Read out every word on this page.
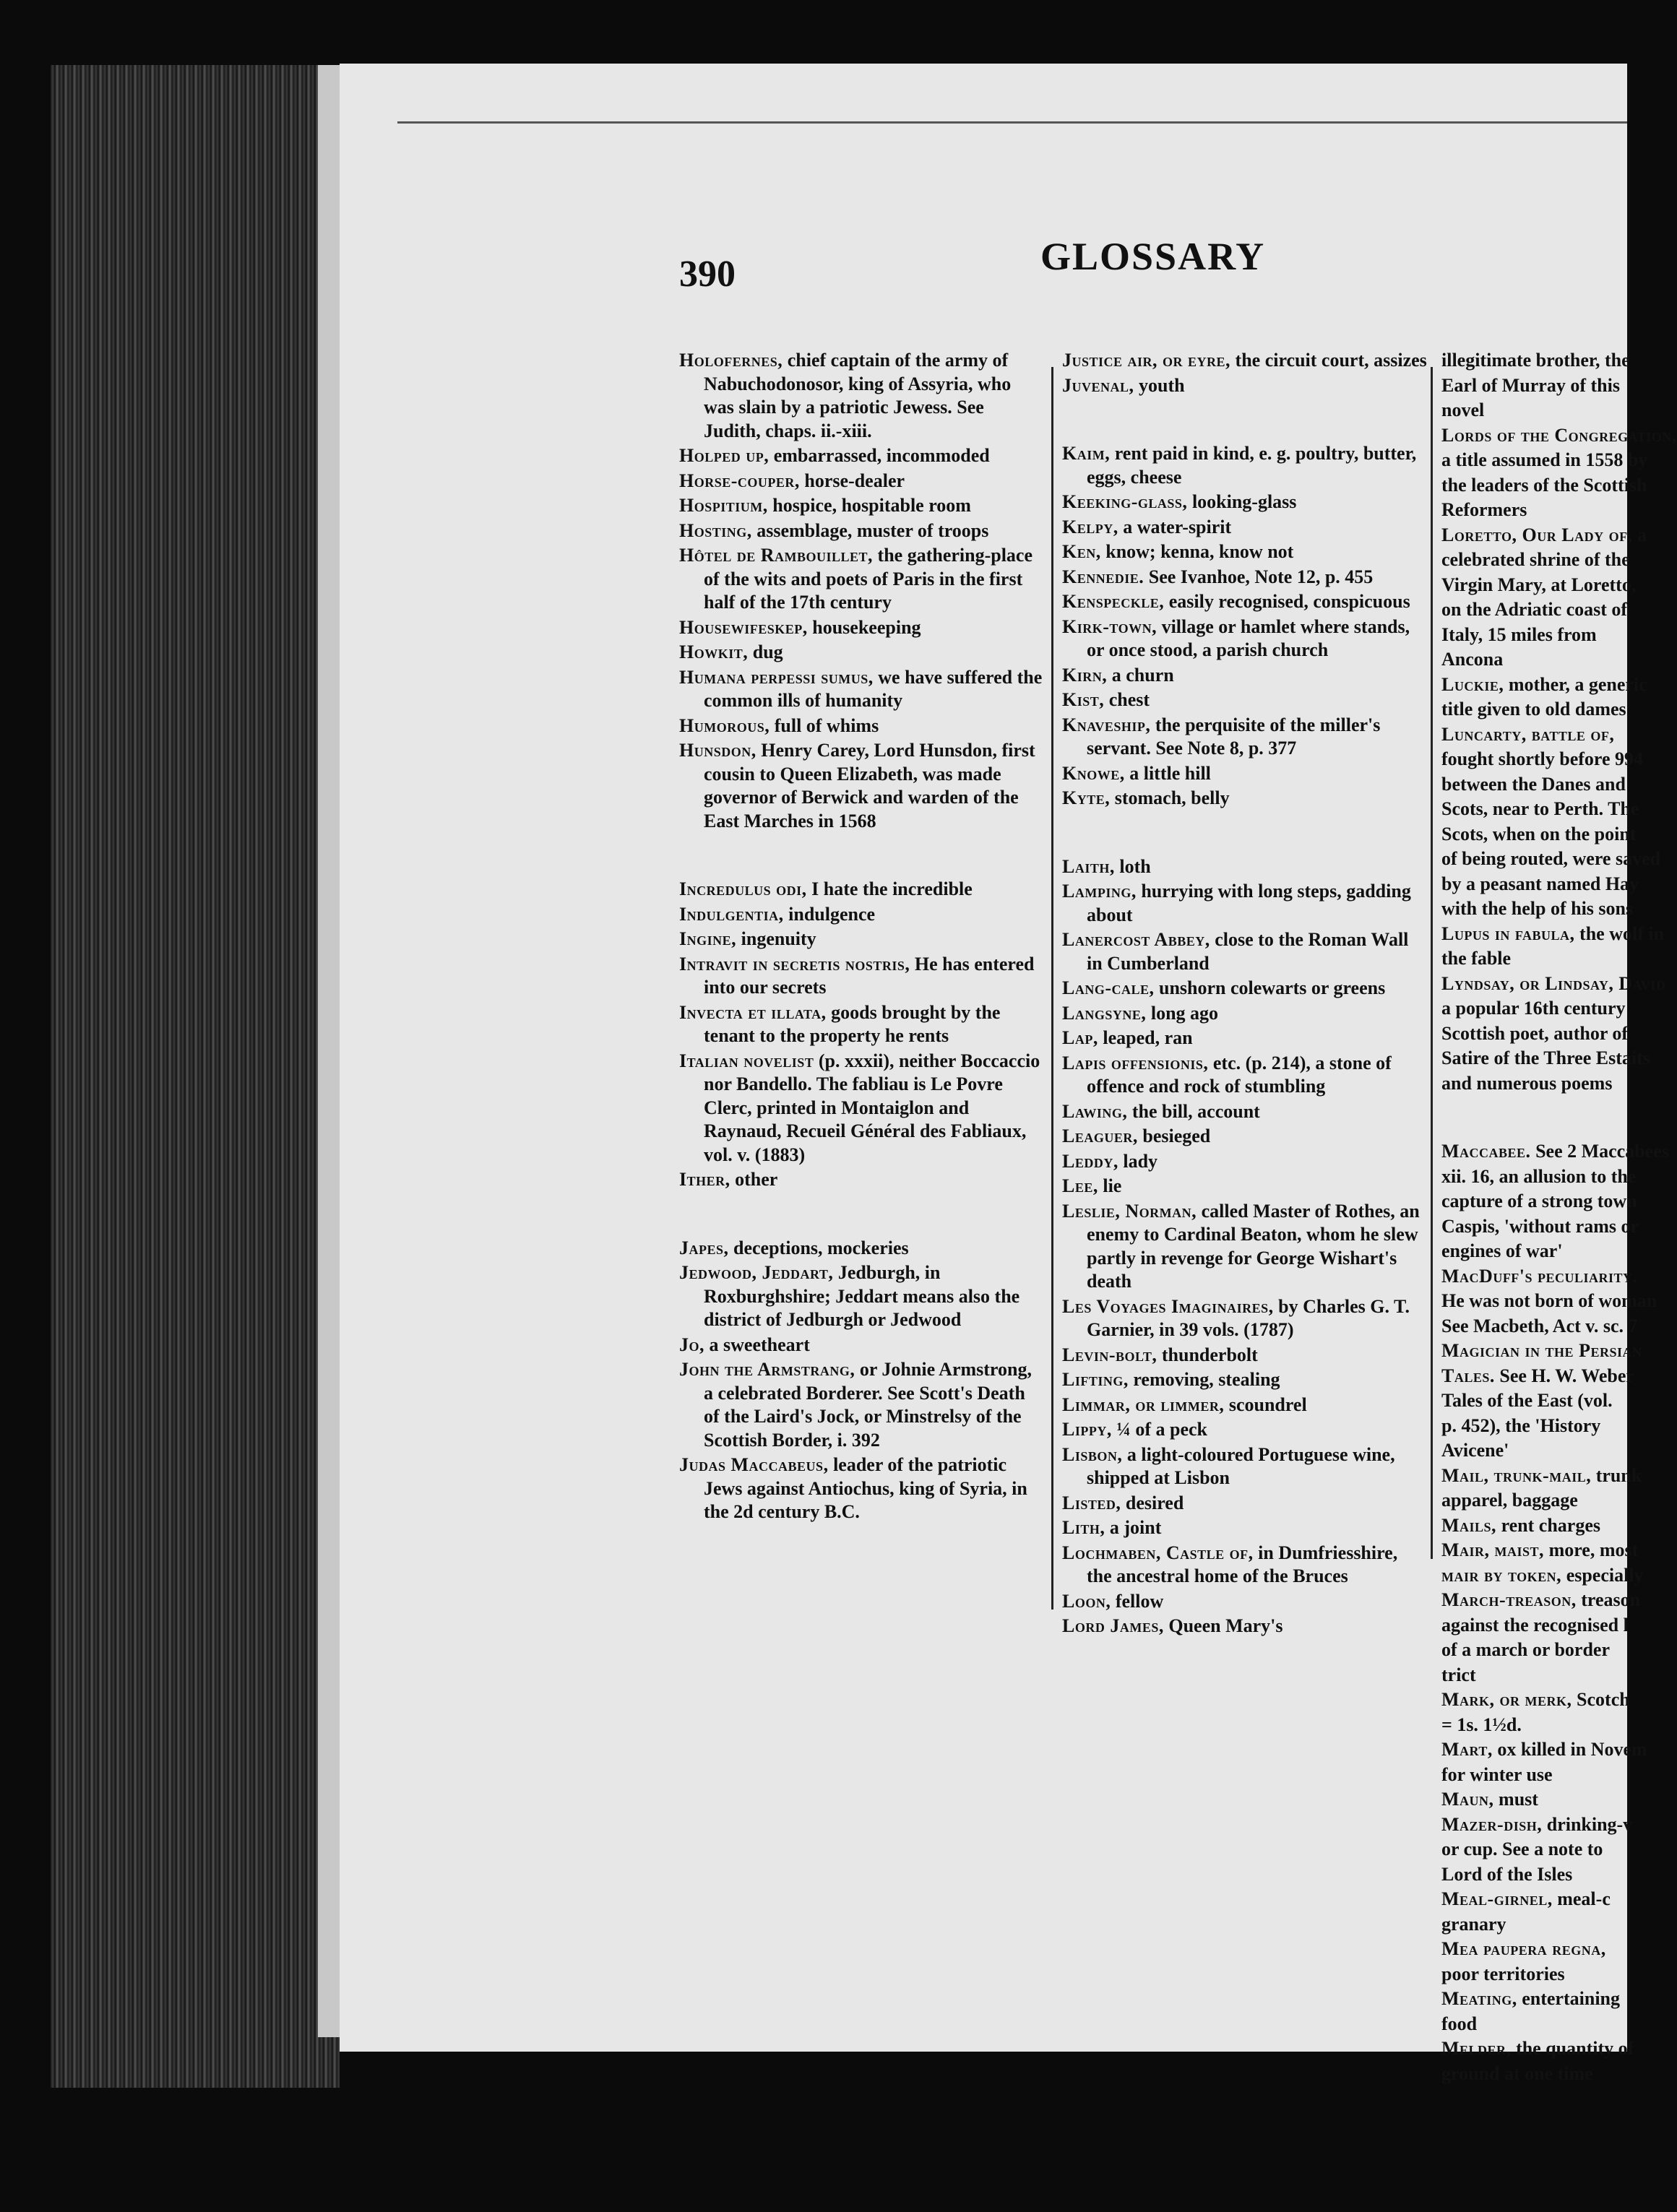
390	GLOSSARY
Holofernes, chief captain of the army of Nabuchodonosor, king of Assyria, who was slain by a patriotic Jewess. See Judith, chaps. ii.-xiii.
Holped up, embarrassed, incommoded
Horse-couper, horse-dealer
Hospitium, hospice, hospitable room
Hosting, assemblage, muster of troops
Hôtel de Rambouillet, the gathering-place of the wits and poets of Paris in the first half of the 17th century
Housewifeskep, housekeeping
Howkit, dug
Humana perpessi sumus, we have suffered the common ills of humanity
Humorous, full of whims
Hunsdon, Henry Carey, Lord Hunsdon, first cousin to Queen Elizabeth, was made governor of Berwick and warden of the East Marches in 1568
Incredulus odi, I hate the incredible
Indulgentia, indulgence
Ingine, ingenuity
Intravit in secretis nostris, He has entered into our secrets
Invecta et illata, goods brought by the tenant to the property he rents
Italian novelist (p. xxxii), neither Boccaccio nor Bandello. The fabliau is Le Povre Clerc, printed in Montaiglon and Raynaud, Recueil Général des Fabliaux, vol. v. (1883)
Ither, other
Japes, deceptions, mockeries
Jedwood, Jeddart, Jedburgh, in Roxburghshire; Jeddart means also the district of Jedburgh or Jedwood
Jo, a sweetheart
John the Armstrang, or Johnie Armstrong, a celebrated Borderer. See Scott's Death of the Laird's Jock, or Minstrelsy of the Scottish Border, i. 392
Judas Maccabeus, leader of the patriotic Jews against Antiochus, king of Syria, in the 2d century B.C.
Justice air, or eyre, the circuit court, assizes
Juvenal, youth
Kaim, rent paid in kind, e. g. poultry, butter, eggs, cheese
Keeking-glass, looking-glass
Kelpy, a water-spirit
Ken, know; kenna, know not
Kennedie. See Ivanhoe, Note 12, p. 455
Kenspeckle, easily recognised, conspicuous
Kirk-town, village or hamlet where stands, or once stood, a parish church
Kirn, a churn
Kist, chest
Knaveship, the perquisite of the miller's servant. See Note 8, p. 377
Knowe, a little hill
Kyte, stomach, belly
Laith, loth
Lamping, hurrying with long steps, gadding about
Lanercost Abbey, close to the Roman Wall in Cumberland
Lang-cale, unshorn colewarts or greens
Langsyne, long ago
Lap, leaped, ran
Lapis offensionis, etc. (p. 214), a stone of offence and rock of stumbling
Lawing, the bill, account
Leaguer, besieged
Leddy, lady
Lee, lie
Leslie, Norman, called Master of Rothes, an enemy to Cardinal Beaton, whom he slew partly in revenge for George Wishart's death
Les Voyages Imaginaires, by Charles G. T. Garnier, in 39 vols. (1787)
Levin-bolt, thunderbolt
Lifting, removing, stealing
Limmar, or limmer, scoundrel
Lippy, ¼ of a peck
Lisbon, a light-coloured Portuguese wine, shipped at Lisbon
Listed, desired
Lith, a joint
Lochmaben, Castle of, in Dumfriesshire, the ancestral home of the Bruces
Loon, fellow
Lord James, Queen Mary's
illegitimate brother, the
Earl of Murray of this
novel
Lords of the Congregation,
a title assumed in 1558 by
the leaders of the Scottish
Reformers
Loretto, Our Lady of, a
celebrated shrine of the
Virgin Mary, at Loretto,
on the Adriatic coast of
Italy, 15 miles from
Ancona
Luckie, mother, a generic
title given to old dames
Luncarty, battle of,
fought shortly before 994
between the Danes and
Scots, near to Perth. The
Scots, when on the point
of being routed, were saved
by a peasant named Hay
with the help of his sons
Lupus in fabula, the wolf in
the fable
Lyndsay, or Lindsay, David
a popular 16th century
Scottish poet, author of
Satire of the Three Estaits
and numerous poems
Maccabee. See 2 Maccabees
xii. 16, an allusion to the
capture of a strong town
Caspis, 'without rams or
engines of war'
MacDuff's peculiarity.
He was not born of woman
See Macbeth, Act v. sc. 7
Magician in the Persian
Tales. See H. W. Weber
Tales of the East (vol.
p. 452), the 'History
Avicene'
Mail, trunk-mail, trunk
apparel, baggage
Mails, rent charges
Mair, maist, more, most
mair by token, especially
March-treason, treason
against the recognised l
of a march or border
trict
Mark, or merk, Scotch
= 1s. 1½d.
Mart, ox killed in Novem
for winter use
Maun, must
Mazer-dish, drinking-v
or cup. See a note to
Lord of the Isles
Meal-girnel, meal-c
granary
Mea paupera regna,
poor territories
Meating, entertaining
food
Melder, the quantity of
ground at one time
